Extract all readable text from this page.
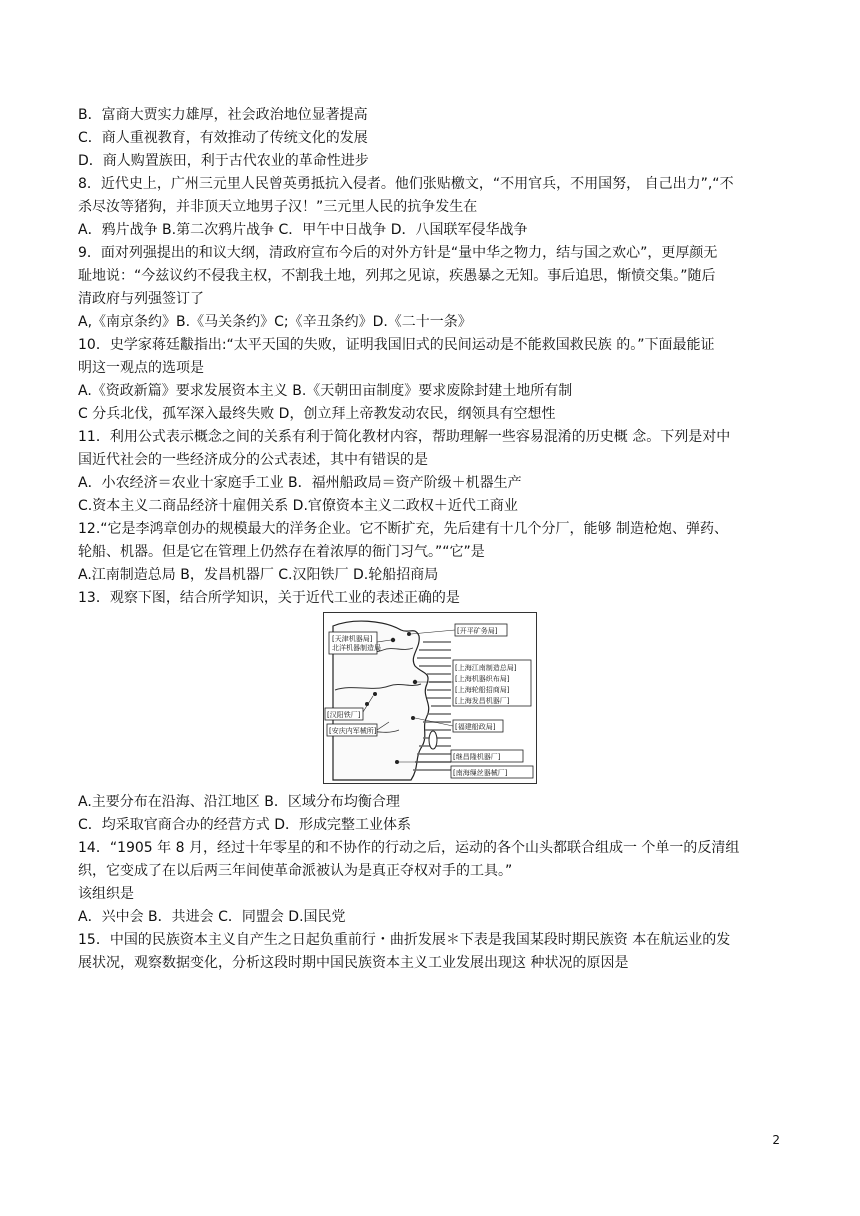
B．富商大贾实力雄厚，社会政治地位显著提高
C．商人重视教育，有效推动了传统文化的发展
D．商人购置族田，利于古代农业的革命性进步
8．近代史上，广州三元里人民曾英勇抵抗入侵者。他们张贴檄文，“不用官兵，不用国努， 自己出力”,“不
杀尽汝等猪狗，并非顶天立地男子汉！”三元里人民的抗争发生在
A．鸦片战争 B.第二次鸦片战争 C．甲午中日战争 D．八国联军侵华战争
9．面对列强提出的和议大纲，清政府宣布今后的对外方针是“量中华之物力，结与国之欢心”，更厚颜无
耻地说：“今兹议约不侵我主权，不割我土地，列邦之见谅，疾愚暴之无知。事后追思，惭愤交集。”随后
清政府与列强签订了
A,《南京条约》B.《马关条约》C;《辛丑条约》D.《二十一条》
10．史学家蒋廷黻指出:“太平天国的失败，证明我国旧式的民间运动是不能救国救民族 的。”下面最能证
明这一观点的选项是
A.《资政新篇》要求发展资本主义 B.《天朝田亩制度》要求废除封建土地所有制
C 分兵北伐，孤军深入最终失败 D，创立拜上帝教发动农民，纲领具有空想性
11．利用公式表示概念之间的关系有利于简化教材内容，帮助理解一些容易混淆的历史概 念。下列是对中
国近代社会的一些经济成分的公式表述，其中有错误的是
A．小农经济＝农业十家庭手工业 B．福州船政局＝资产阶级＋机器生产
C.资本主义二商品经济十雇佣关系 D.官僚资本主义二政权＋近代工商业
12.“它是李鸿章创办的规模最大的洋务企业。它不断扩充，先后建有十几个分厂，能够 制造枪炮、弹药、
轮船、机器。但是它在管理上仍然存在着浓厚的衙门习气。”“它”是
A.江南制造总局 B，发昌机器厂 C.汉阳铁厂 D.轮船招商局
13．观察下图，结合所学知识，关于近代工业的表述正确的是
[天津机器局]
北洋机器制造局
[开平矿务局]
[上海江南制造总局]
[上海机器织布局]
[上海轮船招商局]
[上海发昌机器厂]
[福建船政局]
[汉阳铁厂]
[安庆内军械所]
[继昌隆机器厂]
[南海缫丝器械厂]
A.主要分布在沿海、沿江地区 B．区域分布均衡合理
C．均采取官商合办的经营方式 D．形成完整工业体系
14．“1905 年 8 月，经过十年零星的和不协作的行动之后，运动的各个山头都联合组成一 个单一的反清组
织，它变成了在以后两三年间使革命派被认为是真正夺权对手的工具。”
该组织是
A．兴中会 B．共进会 C．同盟会 D.国民党
15．中国的民族资本主义自产生之日起负重前行・曲折发展＊下表是我国某段时期民族资 本在航运业的发
展状况，观察数据变化，分析这段时期中国民族资本主义工业发展出现这 种状况的原因是
2
